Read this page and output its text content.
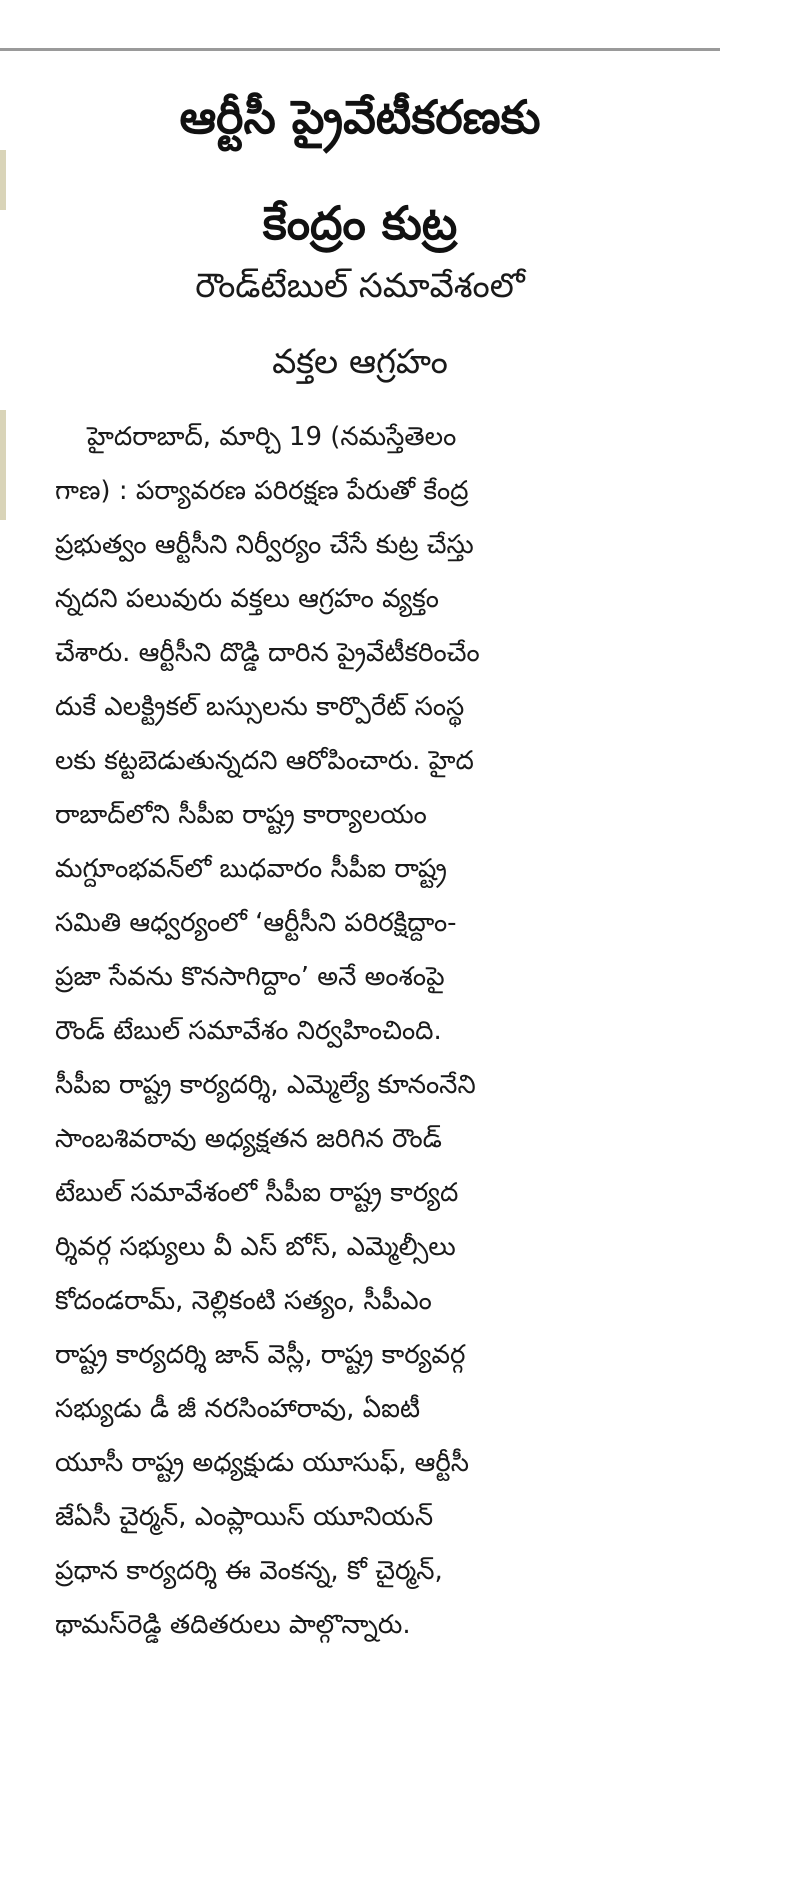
ఆర్టీసీ ప్రైవేటీకరణకు
కేంద్రం కుట్ర
రౌండ్‌టేబుల్ సమావేశంలో
వక్తల ఆగ్రహం
హైదరాబాద్, మార్చి 19 (నమస్తేతెలం
గాణ) : పర్యావరణ పరిరక్షణ పేరుతో కేంద్ర
ప్రభుత్వం ఆర్టీసీని నిర్వీర్యం చేసే కుట్ర చేస్తు
న్నదని పలువురు వక్తలు ఆగ్రహం వ్యక్తం
చేశారు. ఆర్టీసీని దొడ్డి దారిన ప్రైవేటీకరించేం
దుకే ఎలక్ట్రికల్ బస్సులను కార్పొరేట్ సంస్థ
లకు కట్టబెడుతున్నదని ఆరోపించారు. హైద
రాబాద్‌లోని సీపీఐ రాష్ట్ర కార్యాలయం
మగ్దూంభవన్‌లో బుధవారం సీపీఐ రాష్ట్ర
సమితి ఆధ్వర్యంలో ‘ఆర్టీసీని పరిరక్షిద్దాం-
ప్రజా సేవను కొనసాగిద్దాం’ అనే అంశంపై
రౌండ్ టేబుల్ సమావేశం నిర్వహించింది.
సీపీఐ రాష్ట్ర కార్యదర్శి, ఎమ్మెల్యే కూనంనేని
సాంబశివరావు అధ్యక్షతన జరిగిన రౌండ్
టేబుల్ సమావేశంలో సీపీఐ రాష్ట్ర కార్యద
ర్శివర్గ సభ్యులు వీ ఎస్ బోస్, ఎమ్మెల్సీలు
కోదండరామ్, నెల్లికంటి సత్యం, సీపీఎం
రాష్ట్ర కార్యదర్శి జాన్ వెస్లీ, రాష్ట్ర కార్యవర్గ
సభ్యుడు డీ జీ నరసింహారావు, ఏఐటీ
యూసీ రాష్ట్ర అధ్యక్షుడు యూసుఫ్, ఆర్టీసీ
జేఏసీ చైర్మన్, ఎంప్లాయిస్ యూనియన్
ప్రధాన కార్యదర్శి ఈ వెంకన్న, కో చైర్మన్,
థామస్‌రెడ్డి తదితరులు పాల్గొన్నారు.
